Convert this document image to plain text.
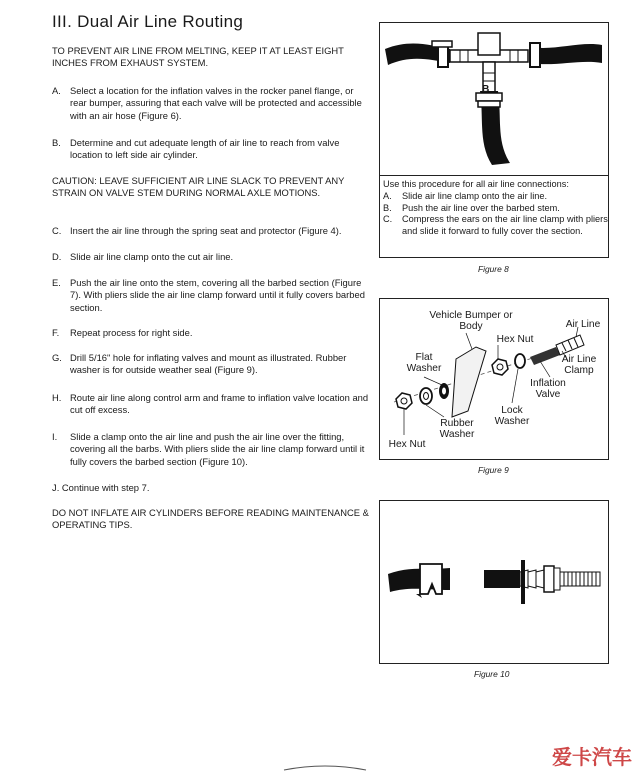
III. Dual Air Line Routing
TO PREVENT AIR LINE FROM MELTING, KEEP IT AT LEAST EIGHT INCHES FROM EXHAUST SYSTEM.
A. Select a location for the inflation valves in the rocker panel flange, or rear bumper, assuring that each valve will be protected and accessible with an air hose (Figure 6).
B. Determine and cut adequate length of air line to reach from valve location to left side air cylinder.
CAUTION: LEAVE SUFFICIENT AIR LINE SLACK TO PREVENT ANY STRAIN ON VALVE STEM DURING NORMAL AXLE MOTIONS.
C. Insert the air line through the spring seat and protector (Figure 4).
D. Slide air line clamp onto the cut air line.
E. Push the air line onto the stem, covering all the barbed section (Figure 7). With pliers slide the air line clamp forward until it fully covers barbed section.
F. Repeat process for right side.
G. Drill 5/16" hole for inflating valves and mount as illustrated. Rubber washer is for outside weather seal (Figure 9).
H. Route air line along control arm and frame to inflation valve location and cut off excess.
I. Slide a clamp onto the air line and push the air line over the fitting, covering all the barbs. With pliers slide the air line clamp forward until it fully covers the barbed section (Figure 10).
J. Continue with step 7.
DO NOT INFLATE AIR CYLINDERS BEFORE READING MAINTENANCE & OPERATING TIPS.
B
Use this procedure for all air line connections:
A. Slide air line clamp onto the air line.
B. Push the air line over the barbed stem.
C. Compress the ears on the air line clamp with pliers and slide it forward to fully cover the section.
Figure 8
Vehicle Bumper or Body
Hex Nut
Air Line
Flat Washer
Air Line Clamp
Inflation Valve
Lock Washer
Rubber Washer
Hex Nut
Figure 9
Figure 10
爱卡汽车
